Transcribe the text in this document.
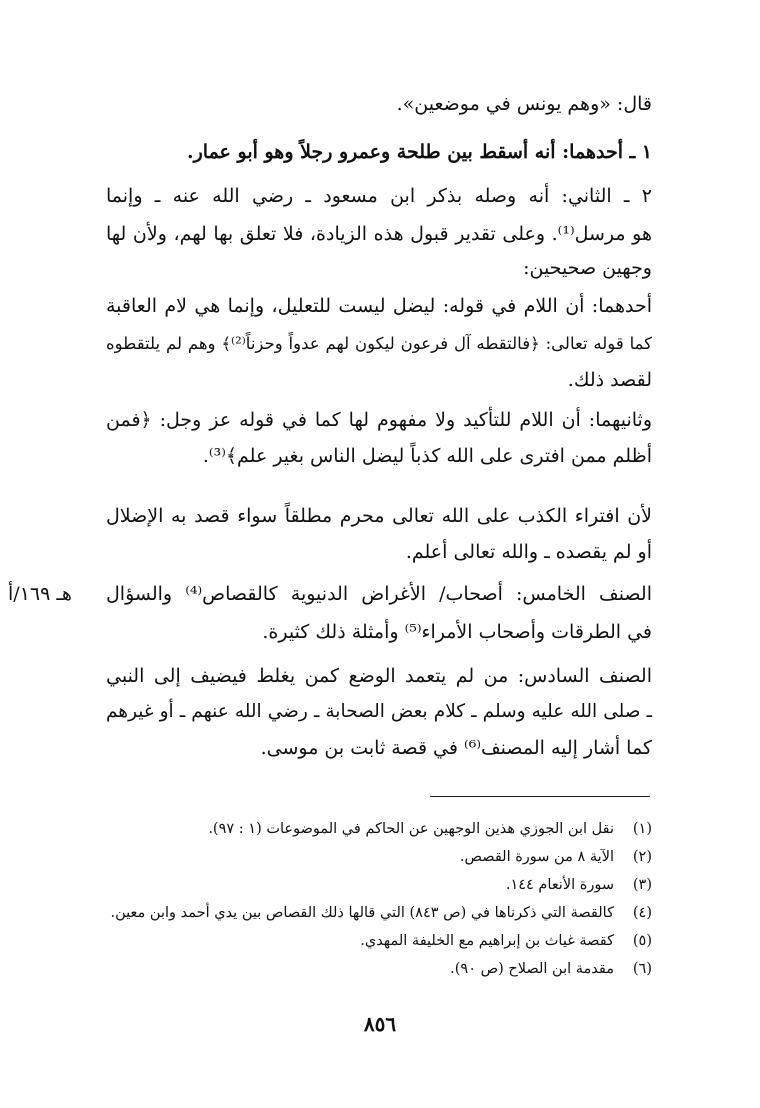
قال: «وهم يونس في موضعين».
١ ـ أحدهما: أنه أسقط بين طلحة وعمرو رجلاً وهو أبو عمار.
٢ ـ الثاني: أنه وصله بذكر ابن مسعود ـ رضي الله عنه ـ وإنما
هو مرسل⁽¹⁾. وعلى تقدير قبول هذه الزيادة، فلا تعلق بها لهم، ولأن لها
وجهين صحيحين:
أحدهما: أن اللام في قوله: ليضل ليست للتعليل، وإنما هي لام العاقبة
كما قوله تعالى: ﴿فالتقطه آل فرعون ليكون لهم عدواً وحزناً⁽²⁾﴾ وهم لم يلتقطوه
لقصد ذلك.
وثانيهما: أن اللام للتأكيد ولا مفهوم لها كما في قوله عز وجل: ﴿فمن
أظلم ممن افترى على الله كذباً ليضل الناس بغير علم﴾⁽³⁾.
لأن افتراء الكذب على الله تعالى محرم مطلقاً سواء قصد به الإضلال
أو لم يقصده ـ والله تعالى أعلم.
الصنف الخامس: أصحاب/ الأغراض الدنيوية كالقصاص⁽⁴⁾ والسؤال
في الطرقات وأصحاب الأمراء⁽⁵⁾ وأمثلة ذلك كثيرة.
الصنف السادس: من لم يتعمد الوضع كمن يغلط فيضيف إلى النبي
ـ صلى الله عليه وسلم ـ كلام بعض الصحابة ـ رضي الله عنهم ـ أو غيرهم
كما أشار إليه المصنف⁽⁶⁾ في قصة ثابت بن موسى.
هـ ١٦٩/أ
(١)نقل ابن الجوزي هذين الوجهين عن الحاكم في الموضوعات (١ : ٩٧).
(٢)الآية ٨ من سورة القصص.
(٣)سورة الأنعام ١٤٤.
(٤)كالقصة التي ذكرناها في (ص ٨٤٣) التي قالها ذلك القصاص بين يدي أحمد وابن معين.
(٥)كقصة غياث بن إبراهيم مع الخليفة المهدي.
(٦)مقدمة ابن الصلاح (ص ٩٠).
٨٥٦
